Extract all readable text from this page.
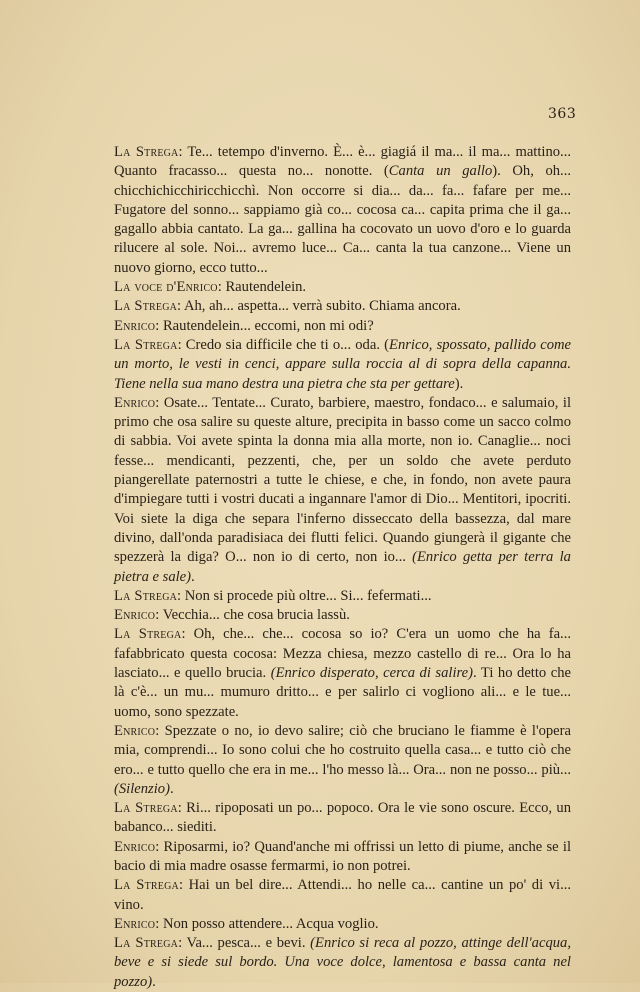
363

La Strega: Te... tetempo d'inverno. È... è... giagiá il ma... il ma... mattino... Quanto fracasso... questa no... nonotte. (Canta un gallo). Oh, oh... chicchichicchiricchicchì. Non occorre si dia... da... fa... fafare per me... Fugatore del sonno... sappiamo già co... cocosa ca... capita prima che il ga... gagallo abbia cantato. La ga... gallina ha cocovato un uovo d'oro e lo guarda rilucere al sole. Noi... avremo luce... Ca... canta la tua canzone... Viene un nuovo giorno, ecco tutto...

La voce d'Enrico: Rautendelein.

La Strega: Ah, ah... aspetta... verrà subito. Chiama ancora.

Enrico: Rautendelein... eccomi, non mi odi?

La Strega: Credo sia difficile che ti o... oda. (Enrico, spossato, pallido come un morto, le vesti in cenci, appare sulla roccia al di sopra della capanna. Tiene nella sua mano destra una pietra che sta per gettare).

Enrico: Osate... Tentate... Curato, barbiere, maestro, fondaco... e salumaio, il primo che osa salire su queste alture, precipita in basso come un sacco colmo di sabbia. Voi avete spinta la donna mia alla morte, non io. Canaglie... noci fesse... mendicanti, pezzenti, che, per un soldo che avete perduto piangerellate paternostri a tutte le chiese, e che, in fondo, non avete paura d'impiegare tutti i vostri ducati a ingannare l'amor di Dio... Mentitori, ipocriti. Voi siete la diga che separa l'inferno disseccato della bassezza, dal mare divino, dall'onda paradisiaca dei flutti felici. Quando giungerà il gigante che spezzerà la diga? O... non io di certo, non io... (Enrico getta per terra la pietra e sale).

La Strega: Non si procede più oltre... Si... fefermati...

Enrico: Vecchia... che cosa brucia lassù.

La Strega: Oh, che... che... cocosa so io? C'era un uomo che ha fa... fafabbricato questa cocosa: Mezza chiesa, mezzo castello di re... Ora lo ha lasciato... e quello brucia. (Enrico disperato, cerca di salire). Ti ho detto che là c'è... un mu... mumuro dritto... e per salirlo ci vogliono ali... e le tue... uomo, sono spezzate.

Enrico: Spezzate o no, io devo salire; ciò che bruciano le fiamme è l'opera mia, comprendi... Io sono colui che ho costruito quella casa... e tutto ciò che ero... e tutto quello che era in me... l'ho messo là... Ora... non ne posso... più... (Silenzio).

La Strega: Ri... ripoposati un po... popoco. Ora le vie sono oscure. Ecco, un babanco... siediti.

Enrico: Riposarmi, io? Quand'anche mi offrissi un letto di piume, anche se il bacio di mia madre osasse fermarmi, io non potrei.

La Strega: Hai un bel dire... Attendi... ho nelle ca... cantine un po' di vi... vino.

Enrico: Non posso attendere... Acqua voglio.

La Strega: Va... pesca... e bevi. (Enrico si reca al pozzo, attinge dell'acqua, beve e si siede sul bordo. Una voce dolce, lamentosa e bassa canta nel pozzo).
